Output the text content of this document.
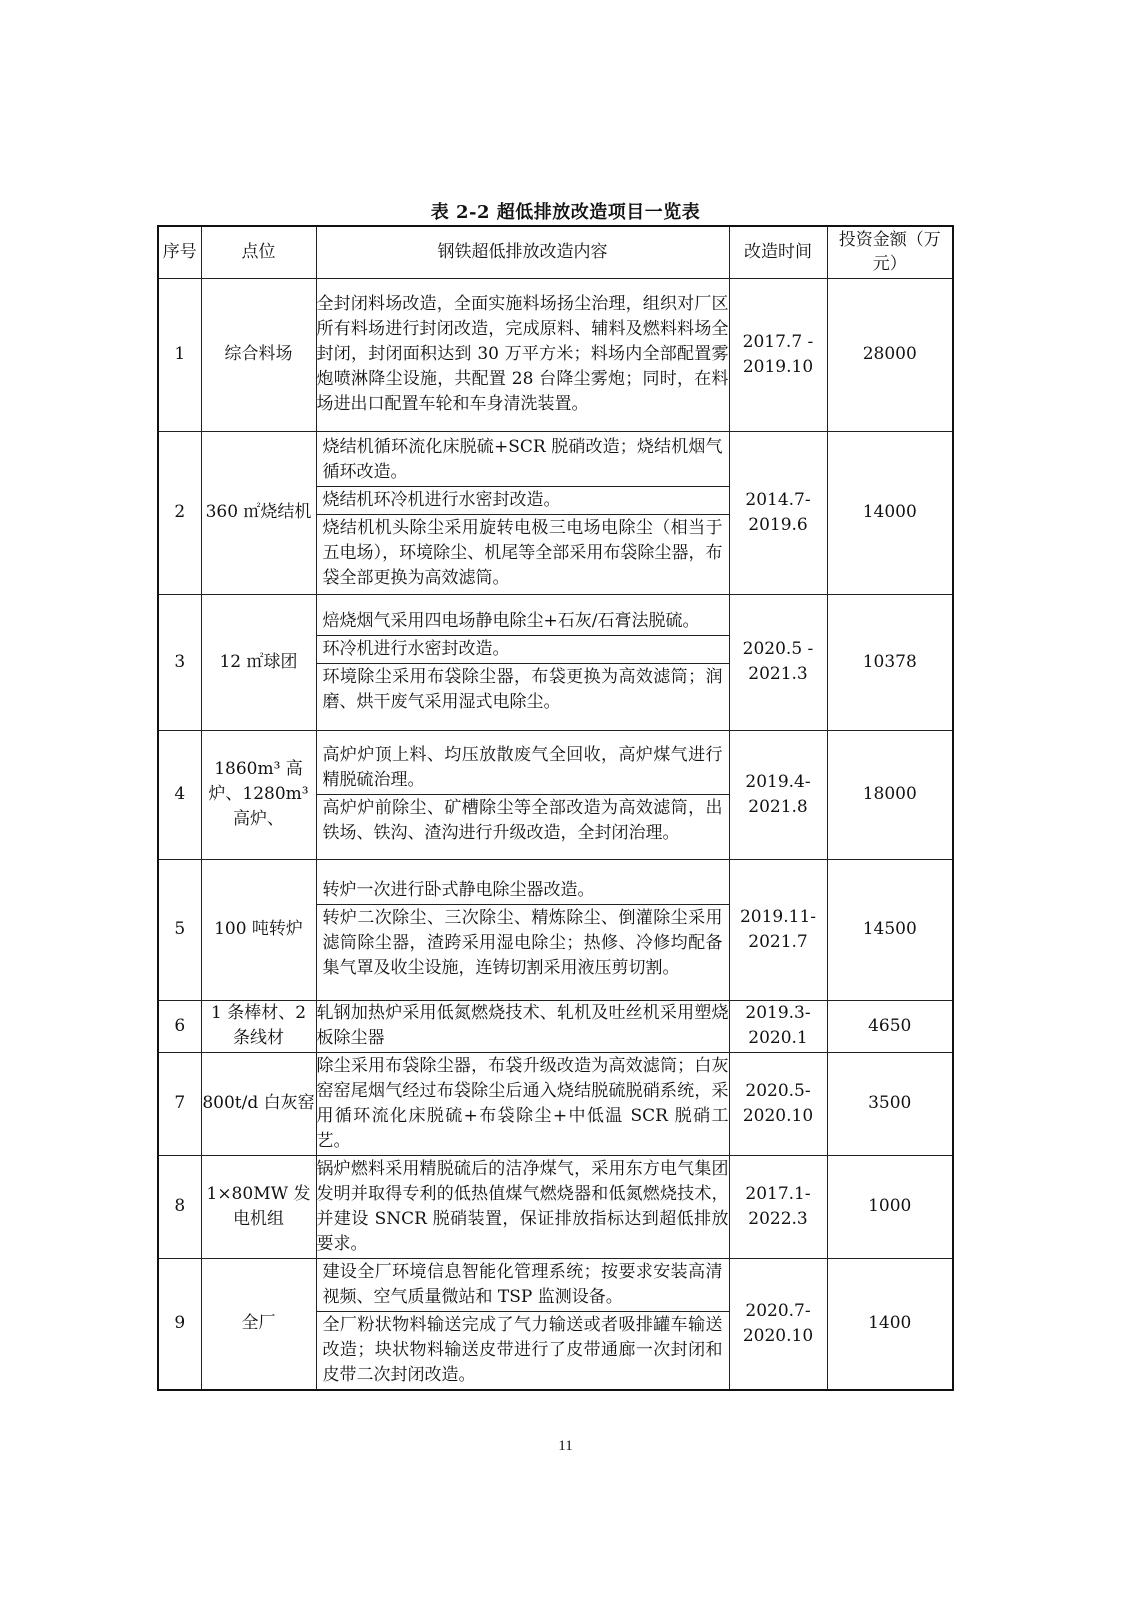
表 2-2 超低排放改造项目一览表
序号	点位	钢铁超低排放改造内容	改造时间	投资金额（万元）
1	综合料场	全封闭料场改造，全面实施料场扬尘治理，组织对厂区所有料场进行封闭改造，完成原料、辅料及燃料料场全封闭，封闭面积达到 30 万平方米；料场内全部配置雾炮喷淋降尘设施，共配置 28 台降尘雾炮；同时，在料场进出口配置车轮和车身清洗装置。	2017.7 - 2019.10	28000
2	360 ㎡烧结机	烧结机循环流化床脱硫+SCR 脱硝改造；烧结机烟气循环改造。
烧结机环冷机进行水密封改造。
烧结机机头除尘采用旋转电极三电场电除尘（相当于五电场），环境除尘、机尾等全部采用布袋除尘器，布袋全部更换为高效滤筒。	2014.7- 2019.6	14000
3	12 ㎡球团	焙烧烟气采用四电场静电除尘+石灰/石膏法脱硫。
环冷机进行水密封改造。
环境除尘采用布袋除尘器，布袋更换为高效滤筒；润磨、烘干废气采用湿式电除尘。	2020.5 - 2021.3	10378
4	1860m³ 高炉、1280m³ 高炉、	高炉炉顶上料、均压放散废气全回收，高炉煤气进行精脱硫治理。
高炉炉前除尘、矿槽除尘等全部改造为高效滤筒，出铁场、铁沟、渣沟进行升级改造，全封闭治理。	2019.4- 2021.8	18000
5	100 吨转炉	转炉一次进行卧式静电除尘器改造。
转炉二次除尘、三次除尘、精炼除尘、倒灌除尘采用滤筒除尘器，渣跨采用湿电除尘；热修、冷修均配备集气罩及收尘设施，连铸切割采用液压剪切割。	2019.11- 2021.7	14500
6	1 条棒材、2 条线材	轧钢加热炉采用低氮燃烧技术、轧机及吐丝机采用塑烧板除尘器	2019.3- 2020.1	4650
7	800t/d 白灰窑	除尘采用布袋除尘器，布袋升级改造为高效滤筒；白灰窑窑尾烟气经过布袋除尘后通入烧结脱硫脱硝系统，采用循环流化床脱硫+布袋除尘+中低温 SCR 脱硝工艺。	2020.5- 2020.10	3500
8	1×80MW 发电机组	锅炉燃料采用精脱硫后的洁净煤气，采用东方电气集团发明并取得专利的低热值煤气燃烧器和低氮燃烧技术，并建设 SNCR 脱硝装置，保证排放指标达到超低排放要求。	2017.1- 2022.3	1000
9	全厂	建设全厂环境信息智能化管理系统；按要求安装高清视频、空气质量微站和 TSP 监测设备。
全厂粉状物料输送完成了气力输送或者吸排罐车输送改造；块状物料输送皮带进行了皮带通廊一次封闭和皮带二次封闭改造。	2020.7- 2020.10	1400
11
